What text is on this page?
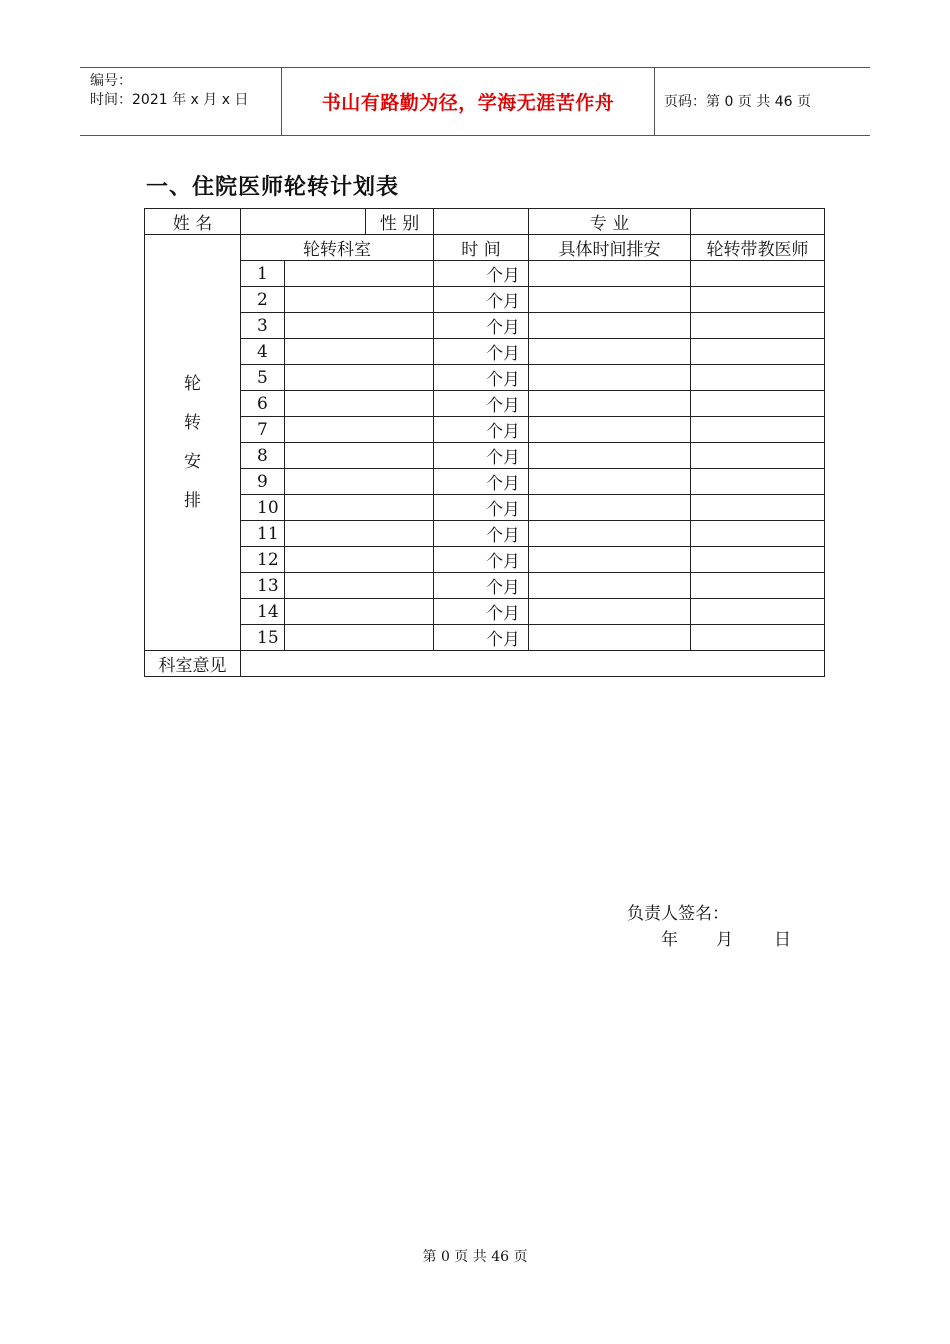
编号：
时间：2021 年 x 月 x 日	书山有路勤为径，学海无涯苦作舟	页码：第 0 页 共 46 页
一、住院医师轮转计划表
姓 名			性 别		专 业	

轮
转
安
排	轮转科室			时 间	具体时间排安	轮转带教医师
	1			个月		
	2			个月		
	3			个月		
	4			个月		
	5			个月		
	6			个月		
	7			个月		
	8			个月		
	9			个月		
	10			个月		
	11			个月		
	12			个月		
	13			个月		
	14			个月		
	15			个月		
科室意见	负责人签名：
年 月 日					
第 0 页 共 46 页
